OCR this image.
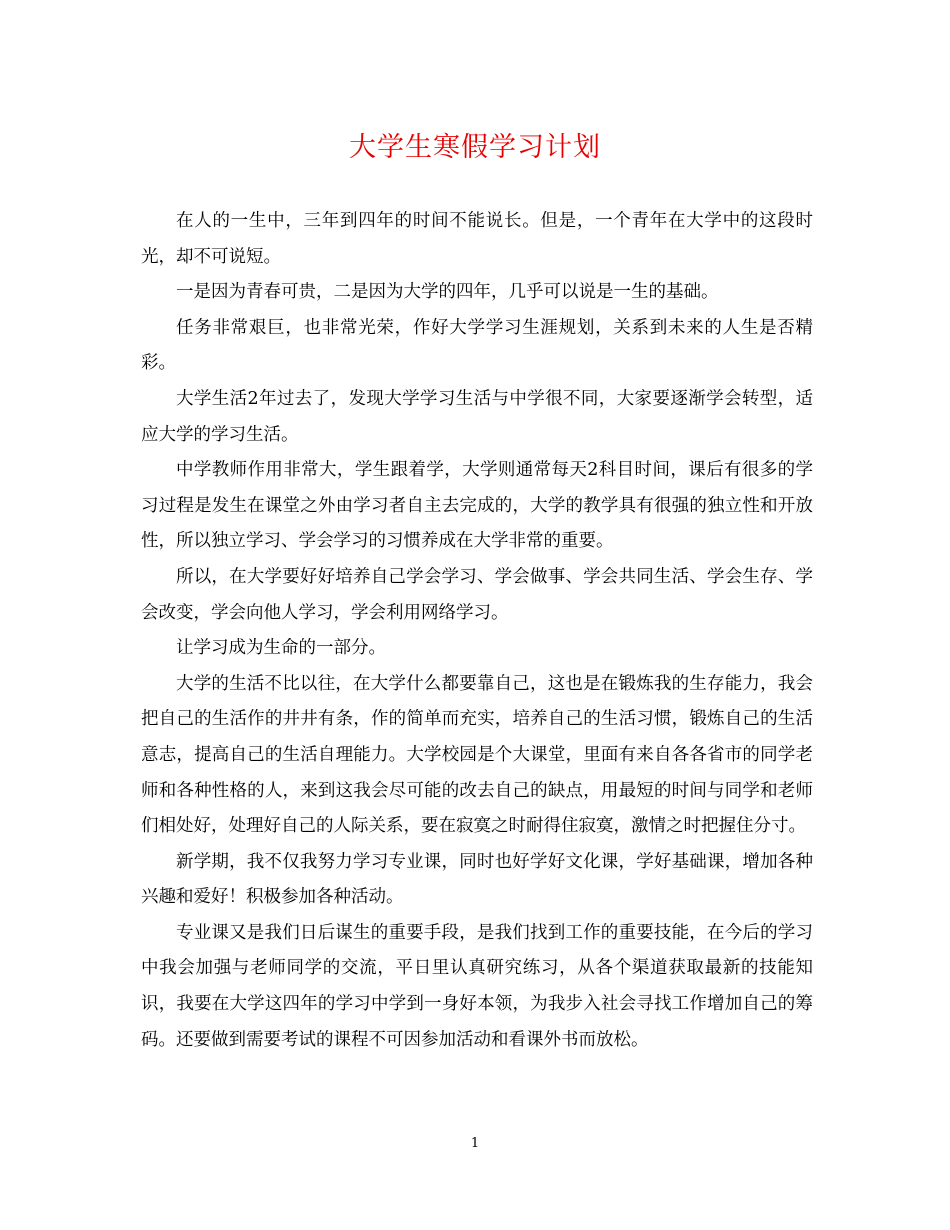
大学生寒假学习计划

在人的一生中，三年到四年的时间不能说长。但是，一个青年在大学中的这段时光，却不可说短。

一是因为青春可贵，二是因为大学的四年，几乎可以说是一生的基础。

任务非常艰巨，也非常光荣，作好大学学习生涯规划，关系到未来的人生是否精彩。

大学生活2年过去了，发现大学学习生活与中学很不同，大家要逐渐学会转型，适应大学的学习生活。

中学教师作用非常大，学生跟着学，大学则通常每天2科目时间，课后有很多的学习过程是发生在课堂之外由学习者自主去完成的，大学的教学具有很强的独立性和开放性，所以独立学习、学会学习的习惯养成在大学非常的重要。

所以，在大学要好好培养自己学会学习、学会做事、学会共同生活、学会生存、学会改变，学会向他人学习，学会利用网络学习。

让学习成为生命的一部分。

大学的生活不比以往，在大学什么都要靠自己，这也是在锻炼我的生存能力，我会把自己的生活作的井井有条，作的简单而充实，培养自己的生活习惯，锻炼自己的生活意志，提高自己的生活自理能力。大学校园是个大课堂，里面有来自各各省市的同学老师和各种性格的人，来到这我会尽可能的改去自己的缺点，用最短的时间与同学和老师们相处好，处理好自己的人际关系，要在寂寞之时耐得住寂寞，激情之时把握住分寸。

新学期，我不仅我努力学习专业课，同时也好学好文化课，学好基础课，增加各种兴趣和爱好！积极参加各种活动。

专业课又是我们日后谋生的重要手段，是我们找到工作的重要技能，在今后的学习中我会加强与老师同学的交流，平日里认真研究练习，从各个渠道获取最新的技能知识，我要在大学这四年的学习中学到一身好本领，为我步入社会寻找工作增加自己的筹码。还要做到需要考试的课程不可因参加活动和看课外书而放松。

1
